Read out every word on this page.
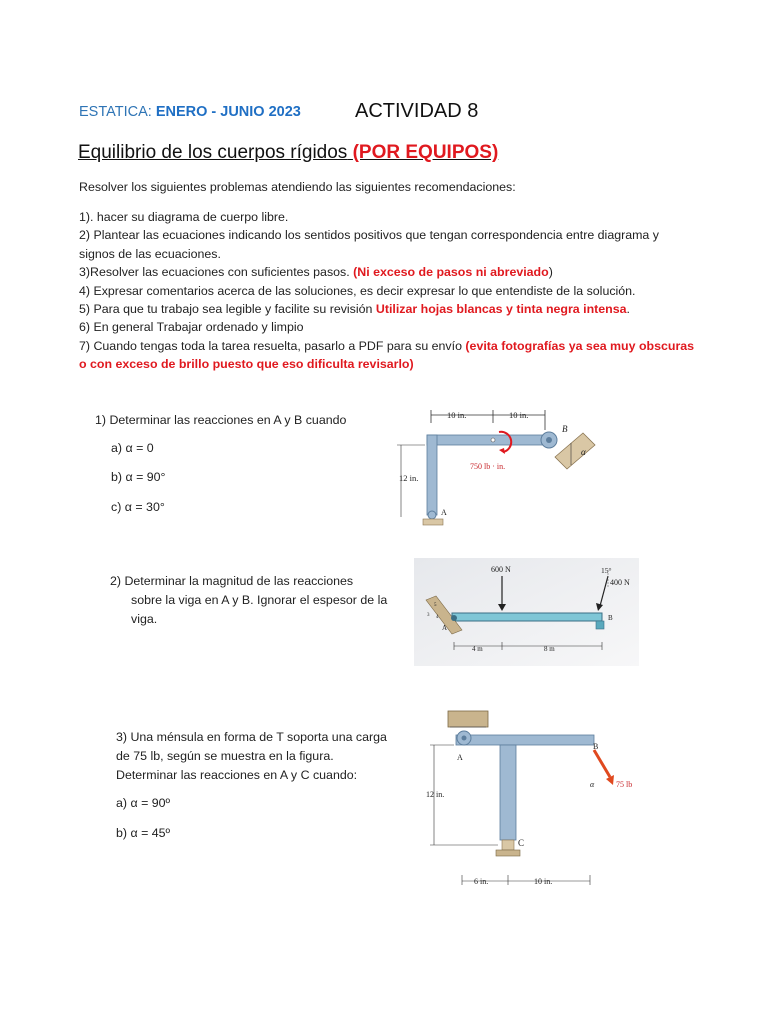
ESTATICA: ENERO - JUNIO 2023	ACTIVIDAD 8
Equilibrio de los cuerpos rígidos (POR EQUIPOS)
Resolver los siguientes problemas atendiendo las siguientes recomendaciones:
1). hacer su diagrama de cuerpo libre.
2) Plantear las ecuaciones indicando los sentidos positivos que tengan correspondencia entre diagrama y
signos de las ecuaciones.
3)Resolver las ecuaciones con suficientes pasos. (Ni exceso de pasos ni abreviado)
4) Expresar comentarios acerca de las soluciones, es decir expresar lo que entendiste de la solución.
5) Para que tu trabajo sea legible y facilite su revisión Utilizar hojas blancas y tinta negra intensa.
6) En general Trabajar ordenado y limpio
7) Cuando tengas toda la tarea resuelta, pasarlo a PDF para su envío (evita fotografías ya sea muy obscuras
o con exceso de brillo puesto que eso dificulta revisarlo)
1) Determinar las reacciones en A y B cuando
a) α = 0
b) α = 90°
c) α = 30°
10 in.	10 in.
750 lb · in.
B
α
12 in.
A
2) Determinar la magnitud de las reacciones
sobre la viga en A y B. Ignorar el espesor de la
viga.
600 N	15°
400 N
A
5
4
3	B
4 m	8 m
3) Una ménsula en forma de T soporta una carga
de 75 lb, según se muestra en la figura.
Determinar las reacciones en A y C cuando:
a) α = 90º
b) α = 45º
A
C
B
75 lb
α
12 in.
6 in.	10 in.
